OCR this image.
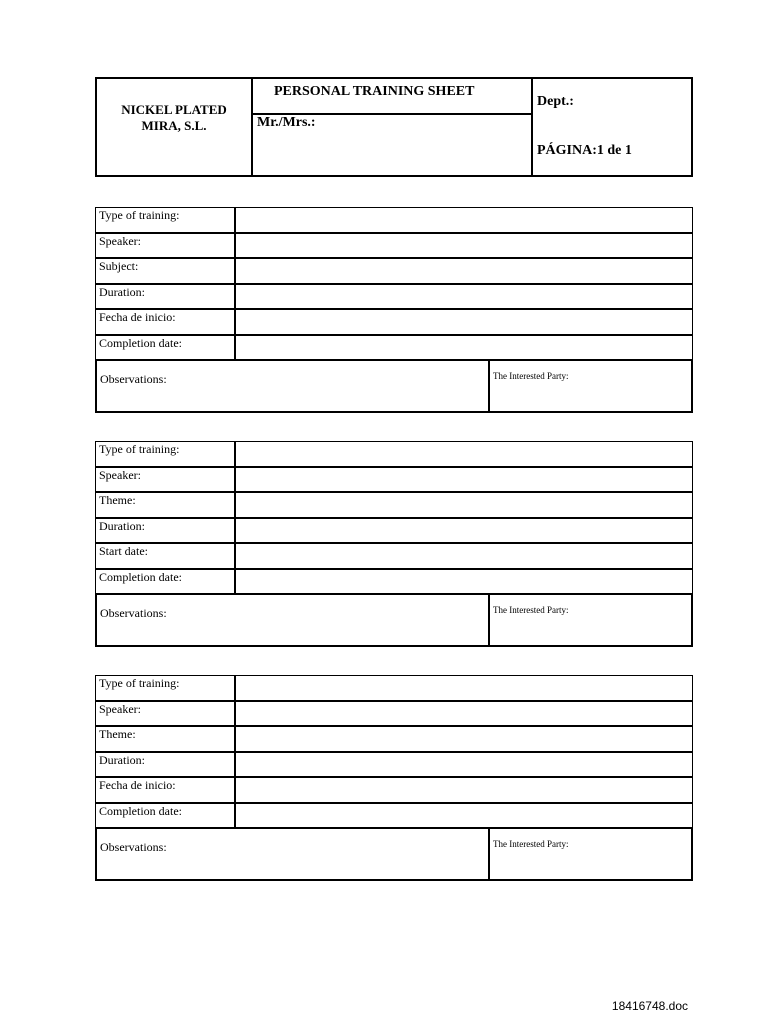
NICKEL PLATED
MIRA, S.L.
PERSONAL TRAINING SHEET
Mr./Mrs.:
Dept.:
PÁGINA:1 de 1
Type of training:
Speaker:
Subject:
Duration:
Fecha de inicio:
Completion date:
Observations:	The Interested Party:
Type of training:
Speaker:
Theme:
Duration:
Start date:
Completion date:
Observations:	The Interested Party:
Type of training:
Speaker:
Theme:
Duration:
Fecha de inicio:
Completion date:
Observations:	The Interested Party:
18416748.doc
